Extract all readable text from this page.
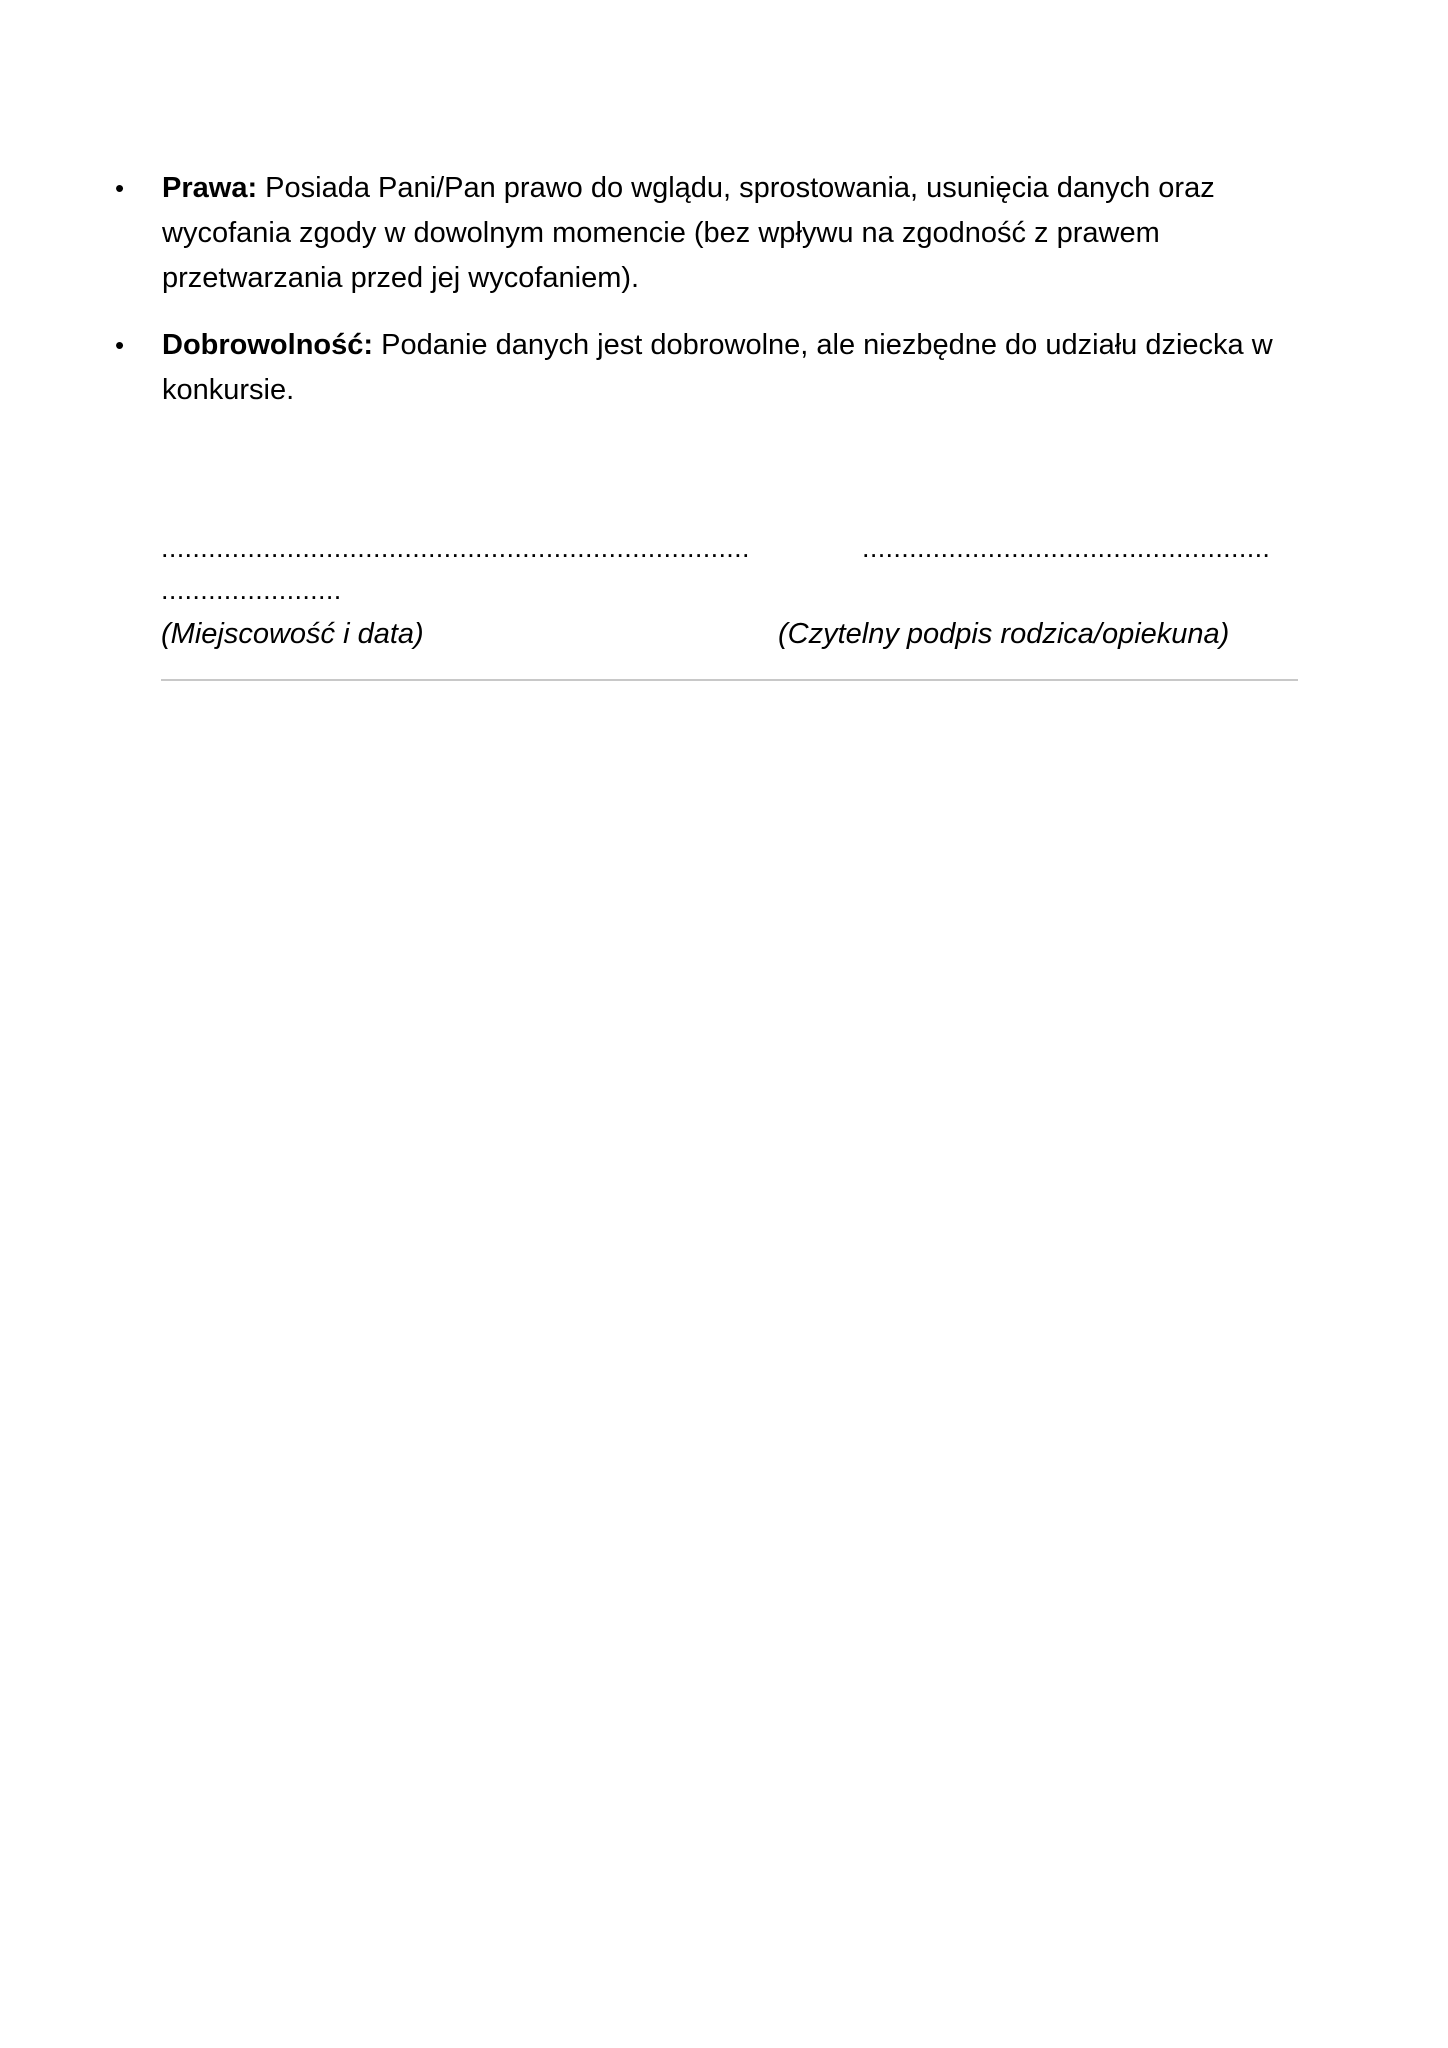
• Prawa: Posiada Pani/Pan prawo do wglądu, sprostowania, usunięcia danych oraz wycofania zgody w dowolnym momencie (bez wpływu na zgodność z prawem przetwarzania przed jej wycofaniem).
• Dobrowolność: Podanie danych jest dobrowolne, ale niezbędne do udziału dziecka w konkursie.
...........................................................................	....................................................
.......................
(Miejscowość i data)	(Czytelny podpis rodzica/opiekuna)
